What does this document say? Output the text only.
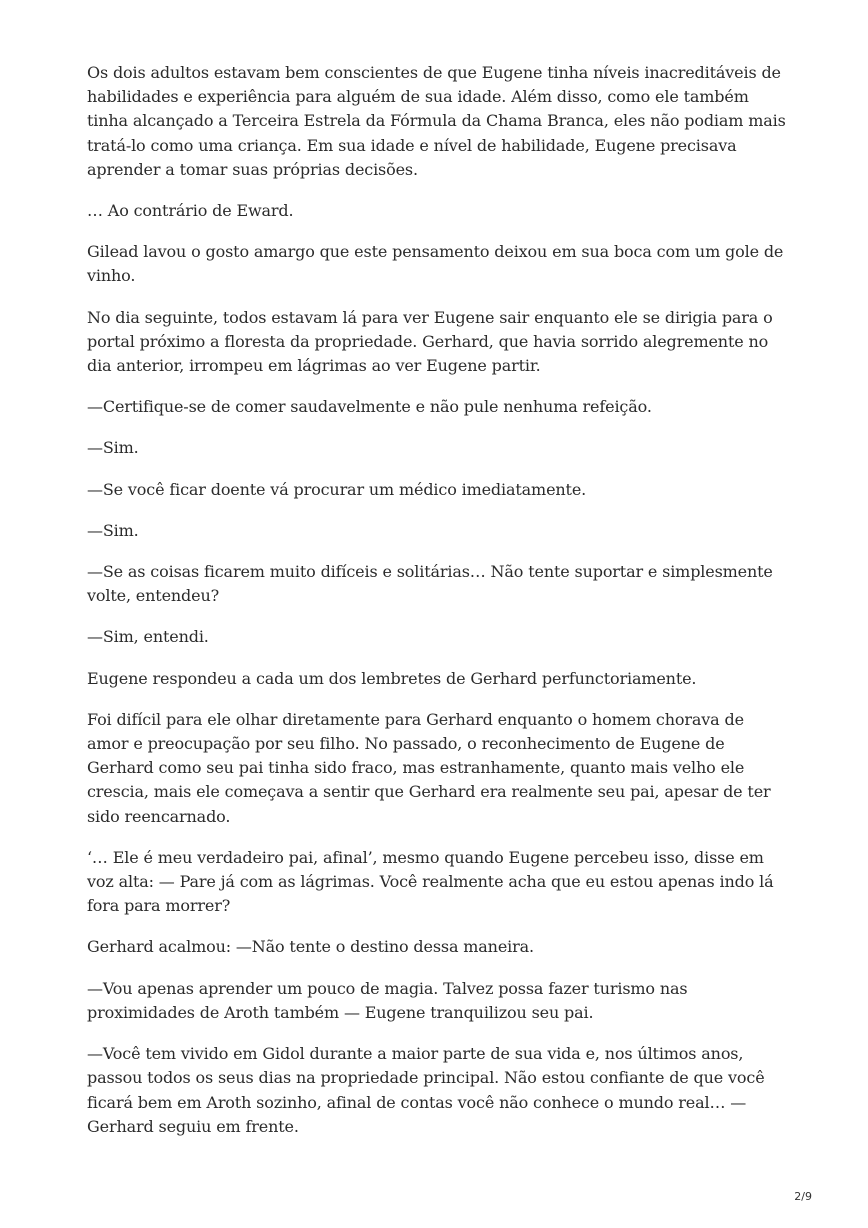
Os dois adultos estavam bem conscientes de que Eugene tinha níveis inacreditáveis de habilidades e experiência para alguém de sua idade. Além disso, como ele também tinha alcançado a Terceira Estrela da Fórmula da Chama Branca, eles não podiam mais tratá-lo como uma criança. Em sua idade e nível de habilidade, Eugene precisava aprender a tomar suas próprias decisões.

… Ao contrário de Eward.

Gilead lavou o gosto amargo que este pensamento deixou em sua boca com um gole de vinho.

No dia seguinte, todos estavam lá para ver Eugene sair enquanto ele se dirigia para o portal próximo a floresta da propriedade. Gerhard, que havia sorrido alegremente no dia anterior, irrompeu em lágrimas ao ver Eugene partir.

—Certifique-se de comer saudavelmente e não pule nenhuma refeição.

—Sim.

—Se você ficar doente vá procurar um médico imediatamente.

—Sim.

—Se as coisas ficarem muito difíceis e solitárias… Não tente suportar e simplesmente volte, entendeu?

—Sim, entendi.

Eugene respondeu a cada um dos lembretes de Gerhard perfunctoriamente.

Foi difícil para ele olhar diretamente para Gerhard enquanto o homem chorava de amor e preocupação por seu filho. No passado, o reconhecimento de Eugene de Gerhard como seu pai tinha sido fraco, mas estranhamente, quanto mais velho ele crescia, mais ele começava a sentir que Gerhard era realmente seu pai, apesar de ter sido reencarnado.

‘… Ele é meu verdadeiro pai, afinal’, mesmo quando Eugene percebeu isso, disse em voz alta: — Pare já com as lágrimas. Você realmente acha que eu estou apenas indo lá fora para morrer?

Gerhard acalmou: —Não tente o destino dessa maneira.

—Vou apenas aprender um pouco de magia. Talvez possa fazer turismo nas proximidades de Aroth também — Eugene tranquilizou seu pai.

—Você tem vivido em Gidol durante a maior parte de sua vida e, nos últimos anos, passou todos os seus dias na propriedade principal. Não estou confiante de que você ficará bem em Aroth sozinho, afinal de contas você não conhece o mundo real… — Gerhard seguiu em frente.

2/9
